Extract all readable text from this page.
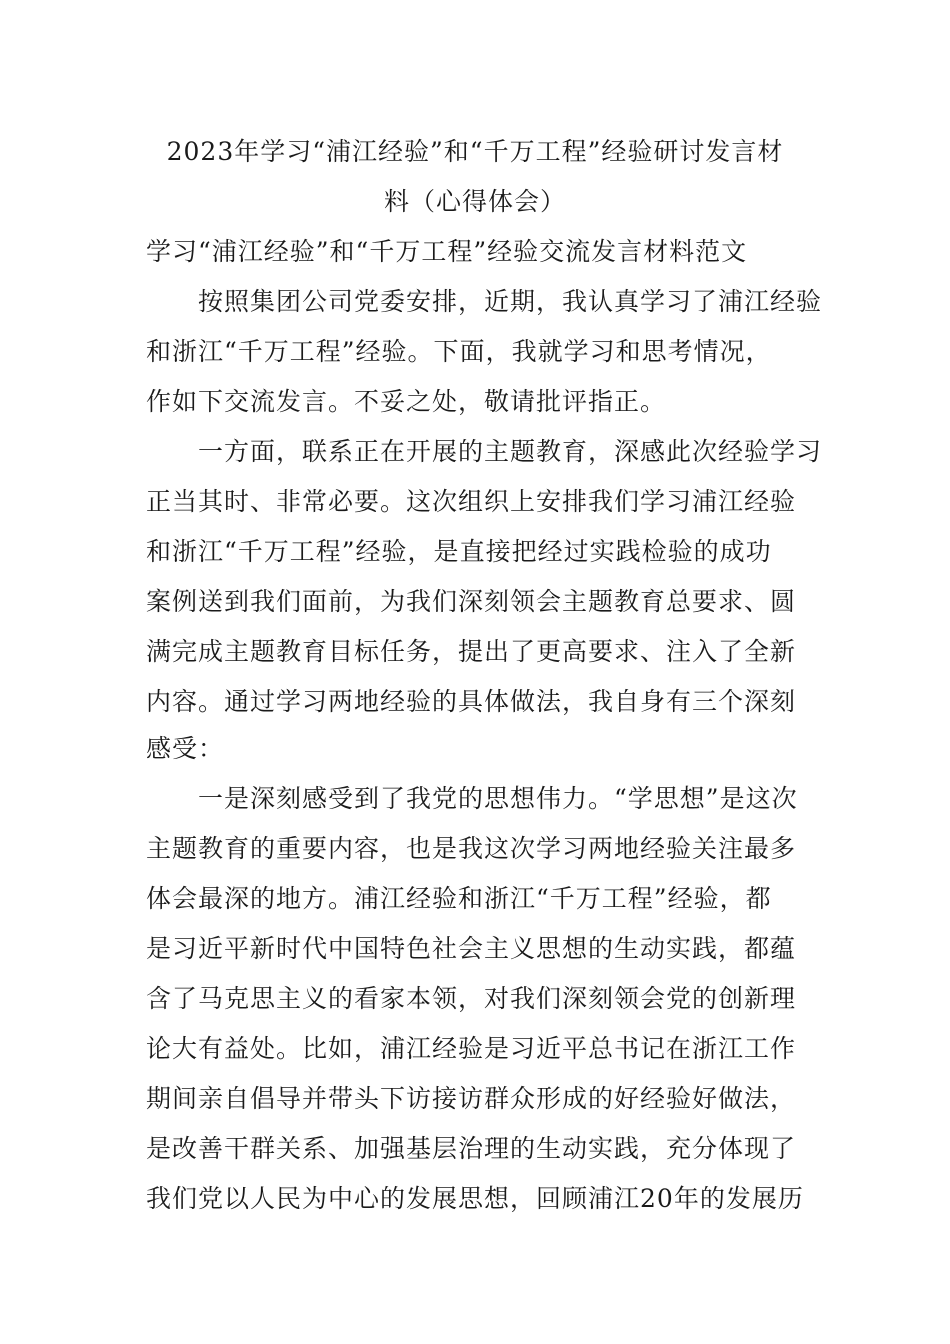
2023年学习“浦江经验”和“千万工程”经验研讨发言材
料（心得体会）
学习“浦江经验”和“千万工程”经验交流发言材料范文
　　按照集团公司党委安排，近期，我认真学习了浦江经验
和浙江“千万工程”经验。下面，我就学习和思考情况，
作如下交流发言。不妥之处，敬请批评指正。
　　一方面，联系正在开展的主题教育，深感此次经验学习
正当其时、非常必要。这次组织上安排我们学习浦江经验
和浙江“千万工程”经验，是直接把经过实践检验的成功
案例送到我们面前，为我们深刻领会主题教育总要求、圆
满完成主题教育目标任务，提出了更高要求、注入了全新
内容。通过学习两地经验的具体做法，我自身有三个深刻
感受：
　　一是深刻感受到了我党的思想伟力。“学思想”是这次
主题教育的重要内容，也是我这次学习两地经验关注最多
体会最深的地方。浦江经验和浙江“千万工程”经验，都
是习近平新时代中国特色社会主义思想的生动实践，都蕴
含了马克思主义的看家本领，对我们深刻领会党的创新理
论大有益处。比如，浦江经验是习近平总书记在浙江工作
期间亲自倡导并带头下访接访群众形成的好经验好做法，
是改善干群关系、加强基层治理的生动实践，充分体现了
我们党以人民为中心的发展思想，回顾浦江20年的发展历
